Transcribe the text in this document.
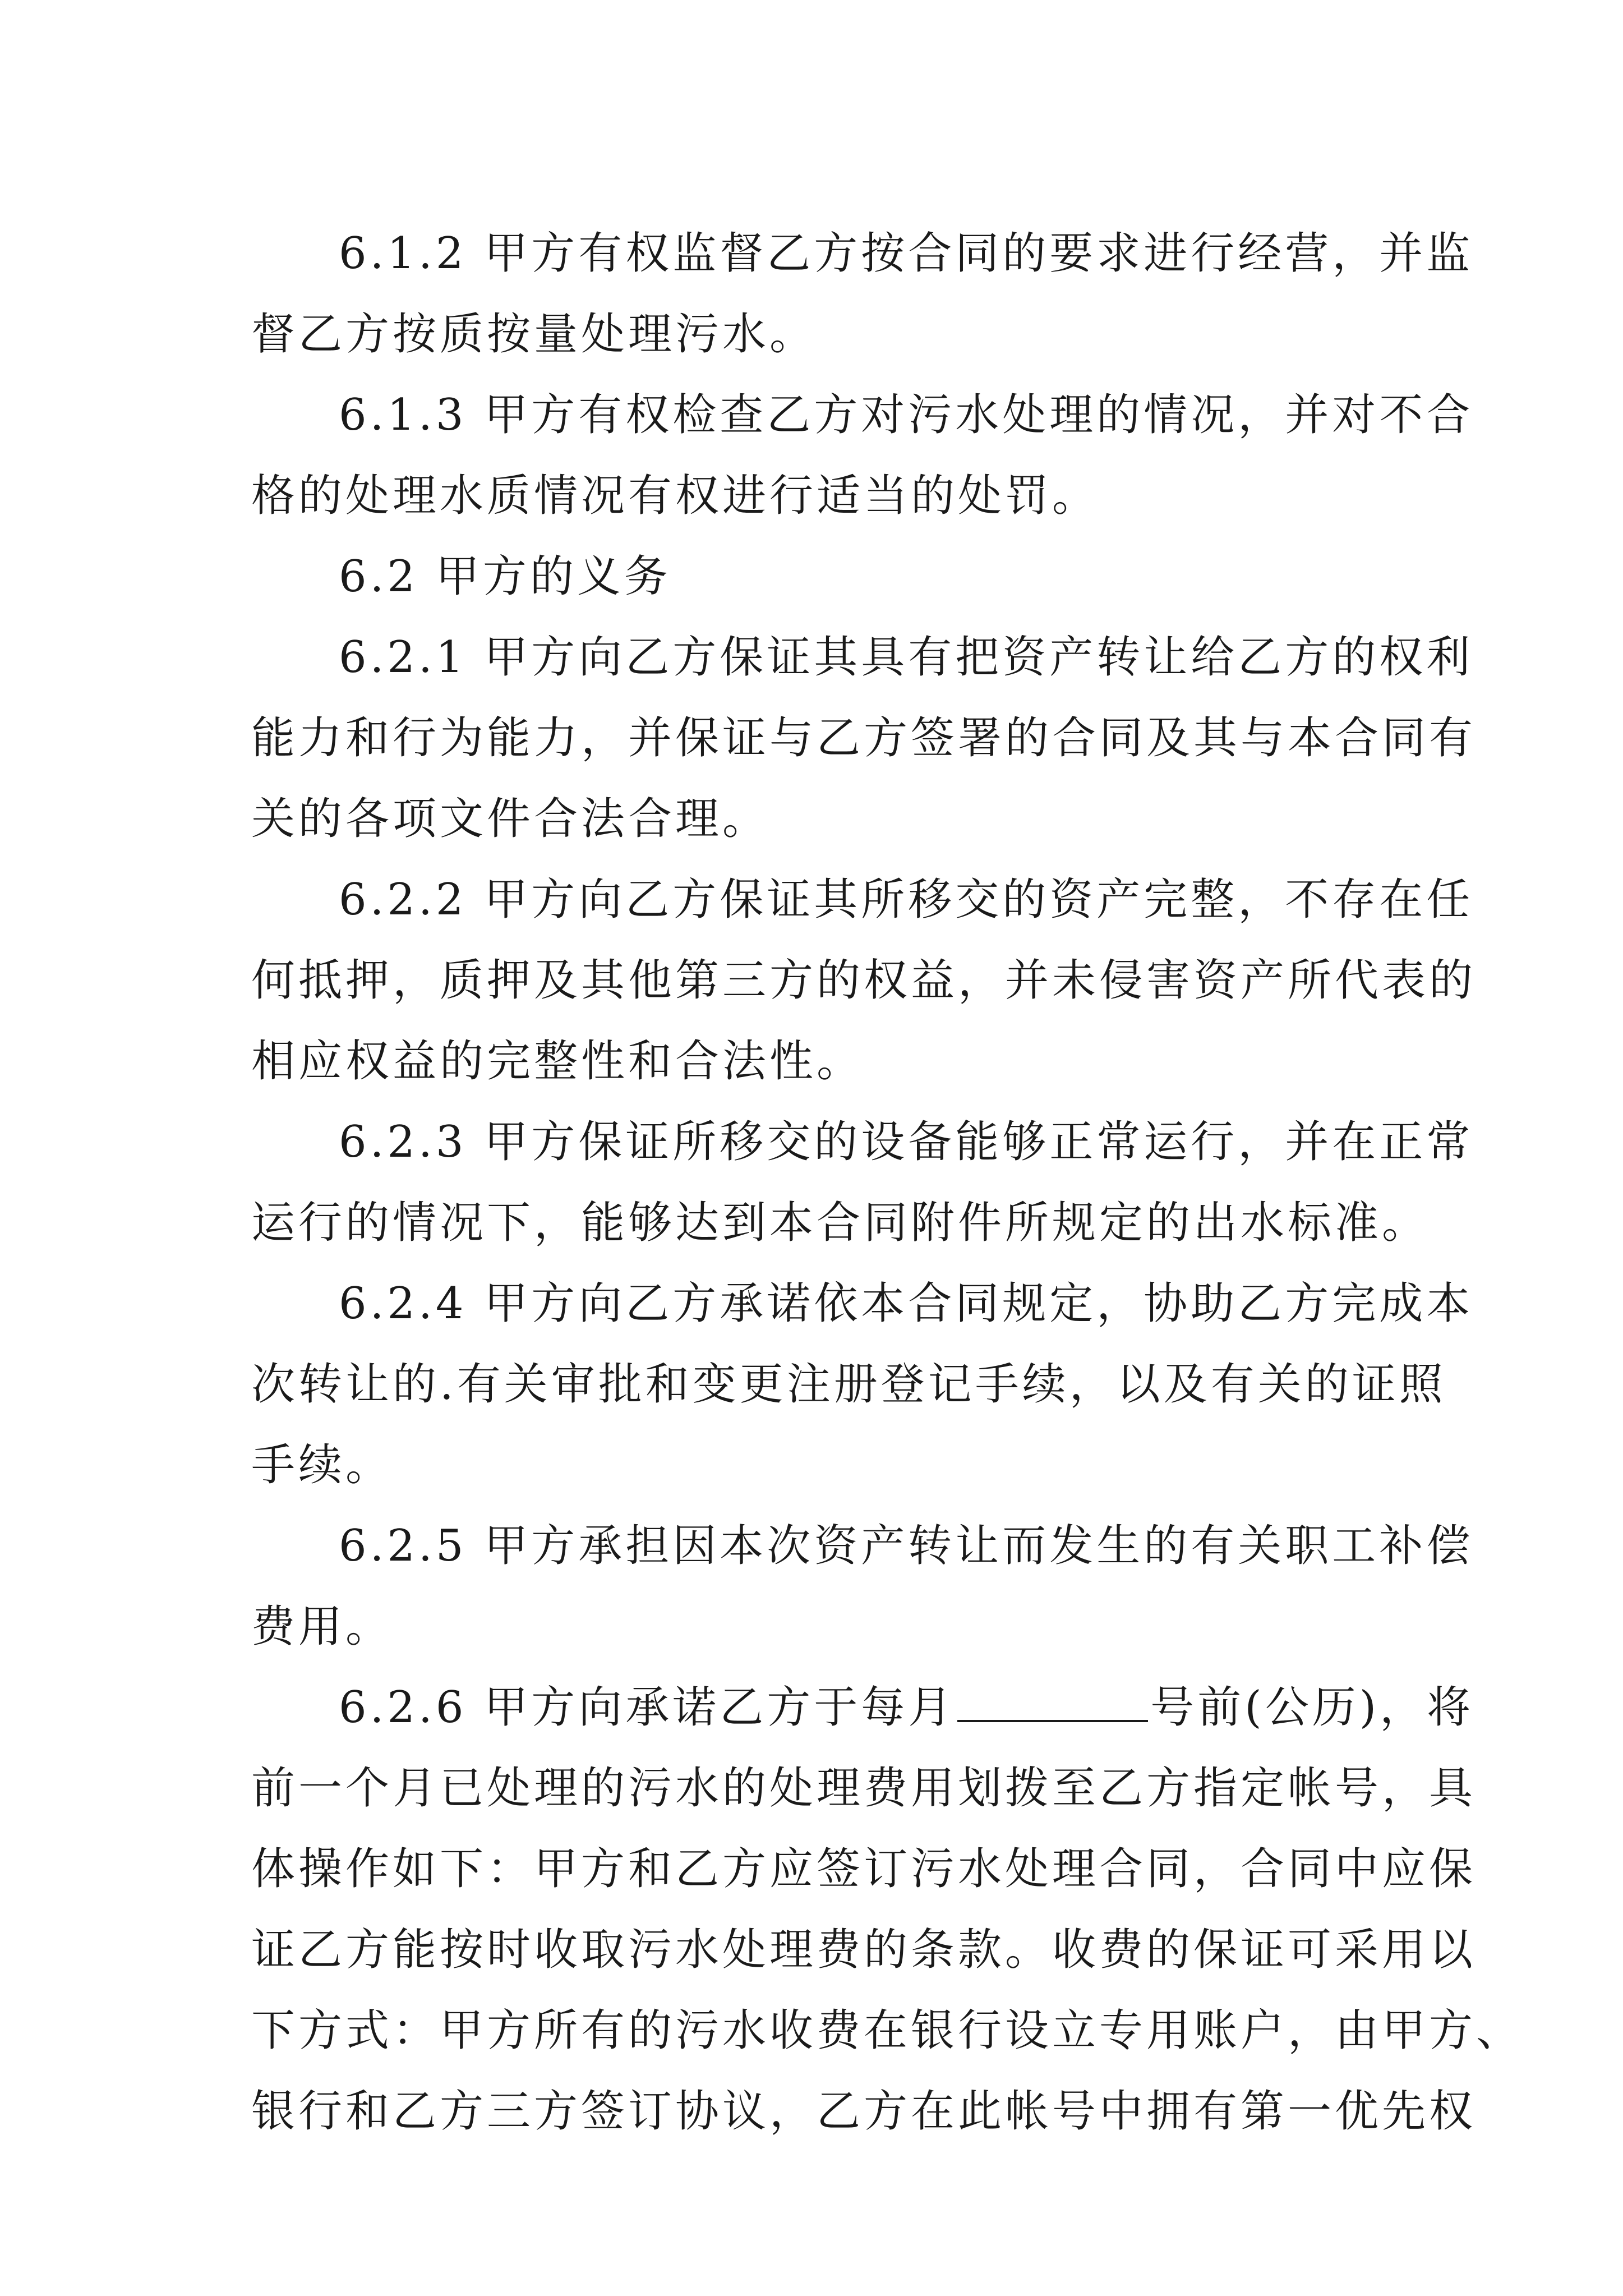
6.1.2 甲方有权监督乙方按合同的要求进行经营，并监
督乙方按质按量处理污水。
6.1.3 甲方有权检查乙方对污水处理的情况，并对不合
格的处理水质情况有权进行适当的处罚。
6.2 甲方的义务
6.2.1 甲方向乙方保证其具有把资产转让给乙方的权利
能力和行为能力，并保证与乙方签署的合同及其与本合同有
关的各项文件合法合理。
6.2.2 甲方向乙方保证其所移交的资产完整，不存在任
何抵押，质押及其他第三方的权益，并未侵害资产所代表的
相应权益的完整性和合法性。
6.2.3 甲方保证所移交的设备能够正常运行，并在正常
运行的情况下，能够达到本合同附件所规定的出水标准。
6.2.4 甲方向乙方承诺依本合同规定，协助乙方完成本
次转让的.有关审批和变更注册登记手续，以及有关的证照
手续。
6.2.5 甲方承担因本次资产转让而发生的有关职工补偿
费用。
6.2.6 甲方向承诺乙方于每月	号前(公历)，将
前一个月已处理的污水的处理费用划拨至乙方指定帐号，具
体操作如下：甲方和乙方应签订污水处理合同，合同中应保
证乙方能按时收取污水处理费的条款。收费的保证可采用以
下方式：甲方所有的污水收费在银行设立专用账户，由甲方、
银行和乙方三方签订协议，乙方在此帐号中拥有第一优先权
